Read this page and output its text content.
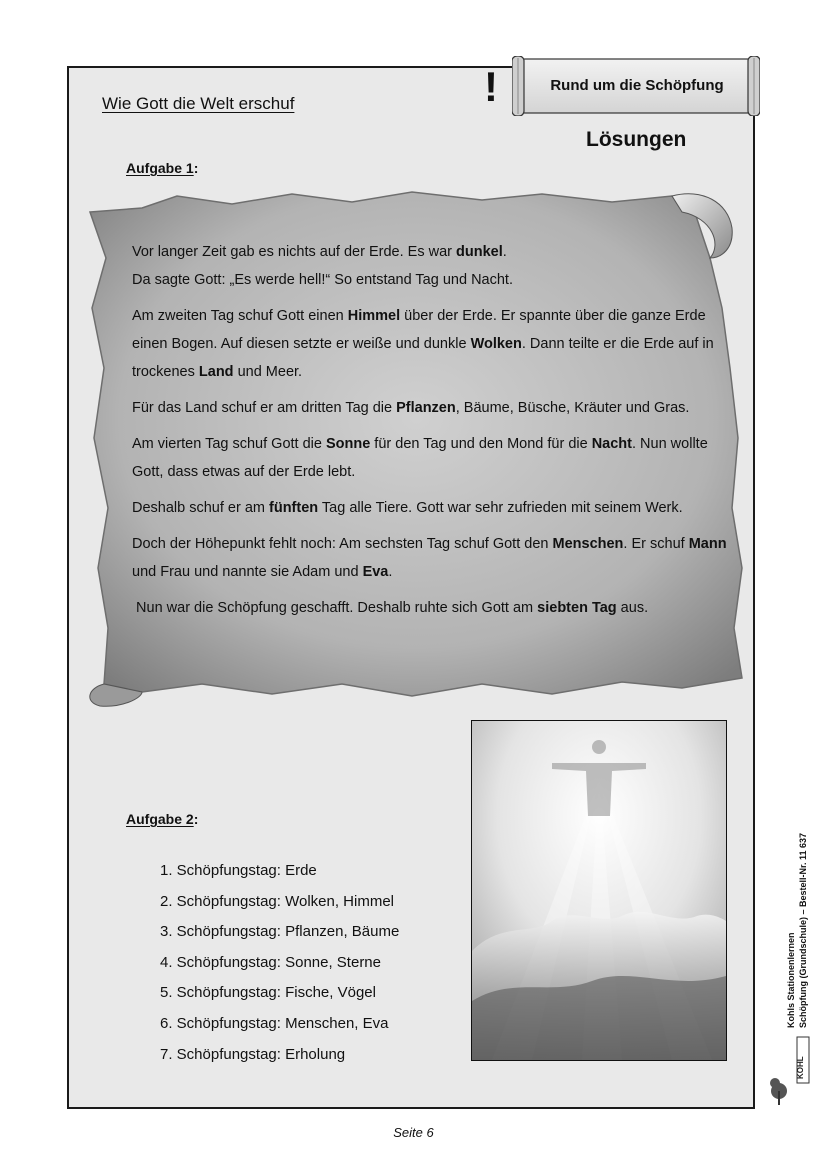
Wie Gott die Welt erschuf	!	Rund um die Schöpfung
Lösungen
Aufgabe 1:

Vor langer Zeit gab es nichts auf der Erde. Es war dunkel.
Da sagte Gott: „Es werde hell!“ So entstand Tag und Nacht.

Am zweiten Tag schuf Gott einen Himmel über der Erde. Er spannte über die ganze Erde einen Bogen. Auf diesen setzte er weiße und dunkle Wolken. Dann teilte er die Erde auf in trockenes Land und Meer.

Für das Land schuf er am dritten Tag die Pflanzen, Bäume, Büsche, Kräuter und Gras.

Am vierten Tag schuf Gott die Sonne für den Tag und den Mond für die Nacht. Nun wollte Gott, dass etwas auf der Erde lebt.

Deshalb schuf er am fünften Tag alle Tiere. Gott war sehr zufrieden mit seinem Werk.

Doch der Höhepunkt fehlt noch: Am sechsten Tag schuf Gott den Menschen. Er schuf Mann und Frau und nannte sie Adam und Eva.

Nun war die Schöpfung geschafft. Deshalb ruhte sich Gott am siebten Tag aus.

Aufgabe 2:
1. Schöpfungstag: Erde
2. Schöpfungstag: Wolken, Himmel
3. Schöpfungstag: Pflanzen, Bäume
4. Schöpfungstag: Sonne, Sterne
5. Schöpfungstag: Fische, Vögel
6. Schöpfungstag: Menschen, Eva
7. Schöpfungstag: Erholung
Kohls Stationenlernen Schöpfung (Grundschule) – Bestell-Nr. 11 637
KOHL
Seite 6
